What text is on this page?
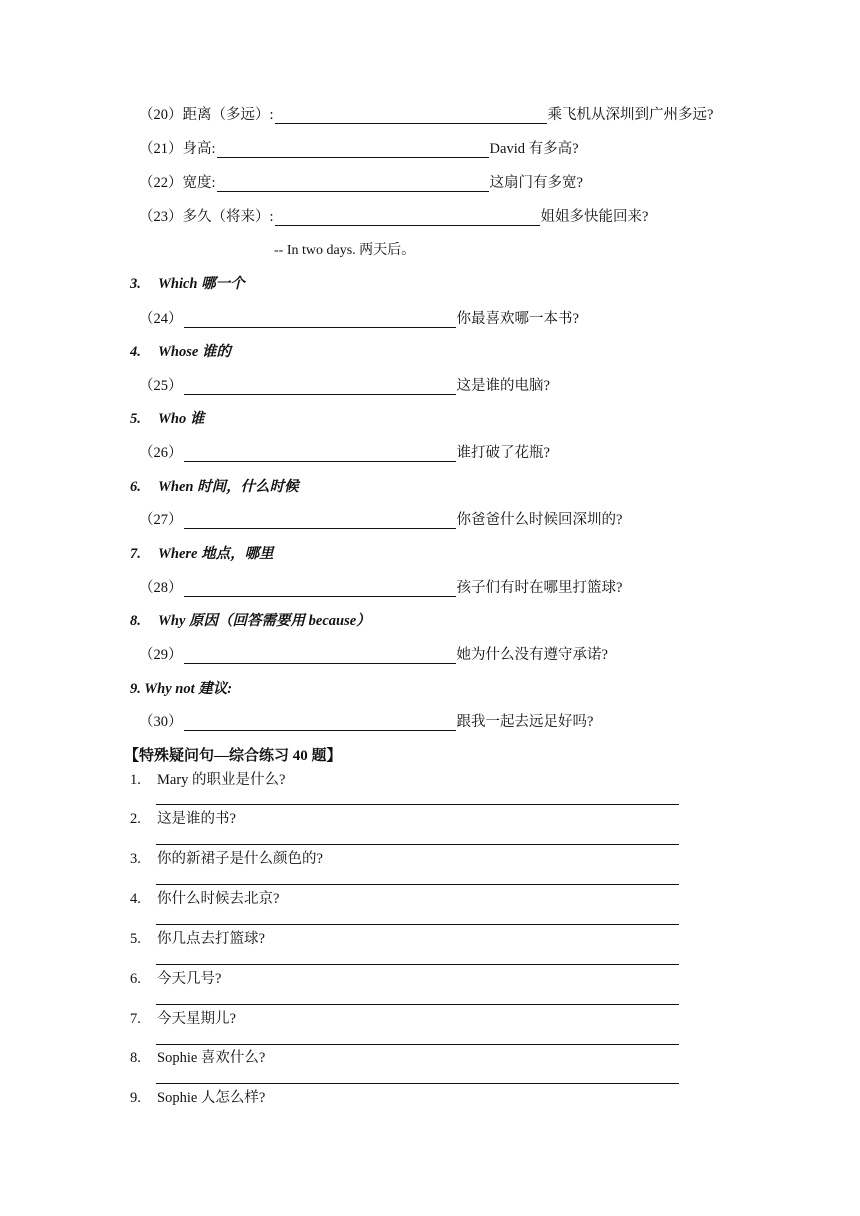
（20）距离（多远）:	乘飞机从深圳到广州多远?
（21）身高:	David 有多高?
（22）宽度:	这扇门有多宽?
（23）多久（将来）:	姐姐多快能回来?
-- In two days. 两天后。
3.	Which 哪一个
（24）	你最喜欢哪一本书?
4.	Whose 谁的
（25）	这是谁的电脑?
5.	Who 谁
（26）	谁打破了花瓶?
6.	When 时间，什么时候
（27）	你爸爸什么时候回深圳的?
7.	Where 地点，哪里
（28）	孩子们有时在哪里打篮球?
8.	Why 原因（回答需要用 because）
（29）	她为什么没有遵守承诺?
9. Why not 建议:
（30）	跟我一起去远足好吗?
【特殊疑问句—综合练习 40 题】
1.	Mary 的职业是什么?
2.	这是谁的书?
3.	你的新裙子是什么颜色的?
4.	你什么时候去北京?
5.	你几点去打篮球?
6.	今天几号?
7.	今天星期儿?
8.	Sophie 喜欢什么?
9.	Sophie 人怎么样?
